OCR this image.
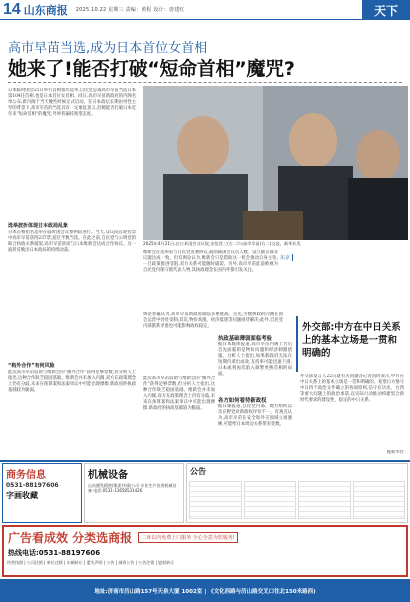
14 山东商报 2025.10.22 星期三 责编：黄程 设计：唐建红	天下
高市早苗当选,成为日本首位女首相
她来了!能否打破“短命首相”魔咒?
日本临时国会21日举行首相指名选举,自民党总裁高市早苗当选日本第104任首相,也是日本首位女首相。同日,高市早苗新政府的内阁名单公布,新内阁于当天晚些时候正式启动。在日本政坛长期由男性主导的背景下,高市早苗的当选具有一定象征意义,但她能否打破日本近年来“短命首相”的魔咒,外界普遍持观望态度。
选举波折体现日本政局乱象
日本首相指名选举在临时国会众参两院进行。当天,众议院首轮投票中高市早苗获得237票,超过半数当选。在此之前,自民党与公明党的联合执政关系破裂,高市早苗转而与日本维新会达成合作协议。这一波折反映出日本政局的持续动荡。
“构外合作”有何风险
此次高市早苗借助与维新会的“阁外合作”获得足够票数,但分析人士指出,这种合作缺乏稳固基础。维新会并未加入内阁,双方在政策理念上仍有分歧,未来在预算案和法案审议中可能出现摩擦,新政府的执政基础较为脆弱。
2025年4月21日,在日本国会众议院,安倍晋三(左二)与高市早苗(右二)交谈。新华社发
维新会在选举前与自民党签署协议,就削减国会议员人数、设立副首都等议题达成一致。但有舆论认为,维新会只是借助这一机会推动自身主张,一旦政策推进受阻,双方关系可能随时破裂。另外,高市早苗此前被视为自民党内保守派代表人物,其执政理念在国内外都引发关注。
舆论普遍认为,高市早苗新政府面临多重挑战。首先,少数执政的内阁在国会运营中处处受制;其次,物价高涨、经济低迷等问题亟待解决;此外,自民党内部派系矛盾也可能影响政权稳定。
执政基础薄弱面临考验
据日本媒体报道,高市早苗内阁上台后首先面临的是物价问题和经济刺激措施。分析人士指出,如果新政府无法在短期内拿出成效,支持率可能迅速下滑,日本或将再次陷入频繁更换首相的局面。
各方如何看待新政权
据日媒报道,自民党内部、地方组织以及在野党对新政权评价不一。有观点认为,高市早苗在安全和外交领域立场强硬,可能给日本周边关系带来变数。
此次高市早苗借助与维新会的“阁外合作”获得足够票数,但分析人士指出,这种合作缺乏稳固基础。维新会并未加入内阁,双方在政策理念上仍有分歧,未来在预算案和法案审议中可能出现摩擦,新政府的执政基础较为脆弱。
东京
外交部:中方在中日关系上的基本立场是一贯和明确的
外交部发言人22日就有关问题答记者问时表示,中方在中日关系上的基本立场是一贯和明确的。希望日方恪守中日四个政治文件确立的各项原则,信守在历史、台湾等重大问题上的政治承诺,以实际行动推动构建契合新时代要求的建设性、稳定的中日关系。
据新华社
商务信息
0531-88197606
字画收藏
机械设备
山东德发精密(集团)有限公司 专业生产各类机械设备 电话:0531-13658531426
公告
广告看成效 分类选商报	二环以内免费上门服务 全心全意为您服务!
热线电话:0531-88197606
经营执照 | 公司注销 | 单位迁移 | 车辆转让 | 遗失声明 | 公告 | 减资公告 | 公告注销 | 股权转让
地址:济南市历山路157号天泉大厦 1002室 | 《文化西路与历山路交叉口往北150米路西)
